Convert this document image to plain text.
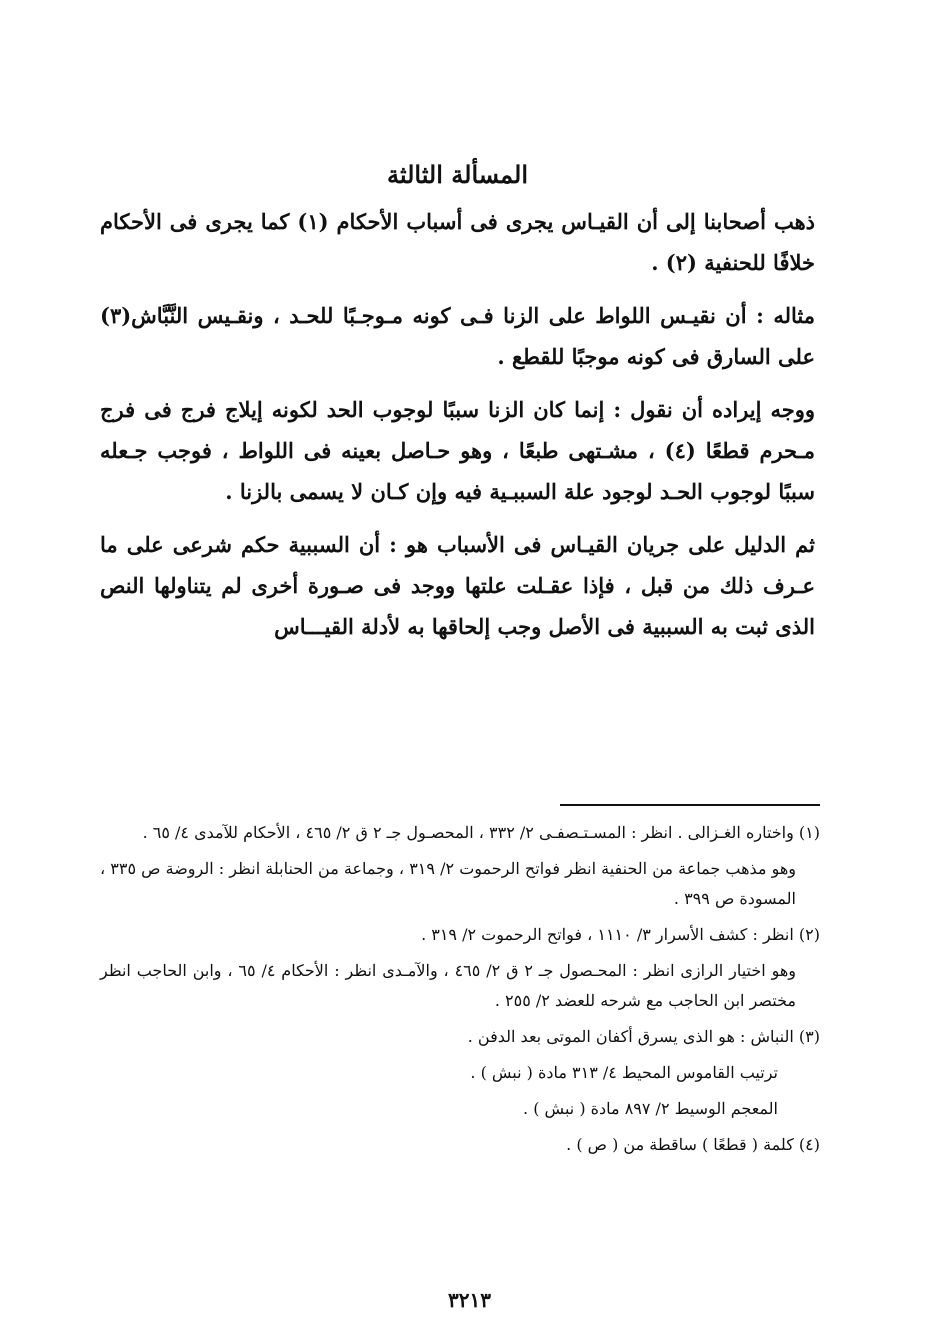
المسألة الثالثة

ذهب أصحابنا إلى أن القيـاس يجرى فى أسباب الأحكام (١) كما يجرى فى الأحكام خلافًا للحنفية (٢) .

مثاله : أن نقيـس اللواط على الزنا فـى كونه مـوجـبًا للحـد ، ونقـيس النَّبَّاش(٣) على السارق فى كونه موجبًا للقطع .

ووجه إيراده أن نقول : إنما كان الزنا سببًا لوجوب الحد لكونه إيلاج فرج فى فرج مـحرم قطعًا (٤) ، مشـتهى طبعًا ، وهو حـاصل بعينه فى اللواط ، فوجب جـعله سببًا لوجوب الحـد لوجود علة السببـية فيه وإن كـان لا يسمى بالزنا .

ثم الدليل على جريان القيـاس فى الأسباب هو : أن السببية حكم شرعى على ما عـرف ذلك من قبل ، فإذا عقـلت علتها ووجد فى صـورة أخرى لم يتناولها النص الذى ثبت به السببية فى الأصل وجب إلحاقها به لأدلة القيـــاس

(١) واختاره الغـزالى . انظر : المسـتـصفـى ٢/ ٣٣٢ ، المحصـول جـ ٢ ق ٢/ ٤٦٥ ، الأحكام للآمدى ٤/ ٦٥ .

وهو مذهب جماعة من الحنفية انظر فواتح الرحموت ٢/ ٣١٩ ، وجماعة من الحنابلة انظر : الروضة ص ٣٣٥ ، المسودة ص ٣٩٩ .

(٢) انظر : كشف الأسرار ٣/ ١١١٠ ، فواتح الرحموت ٢/ ٣١٩ .

وهو اختيار الرازى انظر : المحـصول جـ ٢ ق ٢/ ٤٦٥ ، والآمـدى انظر : الأحكام ٤/ ٦٥ ، وابن الحاجب انظر مختصر ابن الحاجب مع شرحه للعضد ٢/ ٢٥٥ .

(٣) النباش : هو الذى يسرق أكفان الموتى بعد الدفن .

ترتيب القاموس المحيط ٤/ ٣١٣ مادة ( نبش ) .

المعجم الوسيط ٢/ ٨٩٧ مادة ( نبش ) .

(٤) كلمة ( قطعًا ) ساقطة من ( ص ) .

٣٢١٣
